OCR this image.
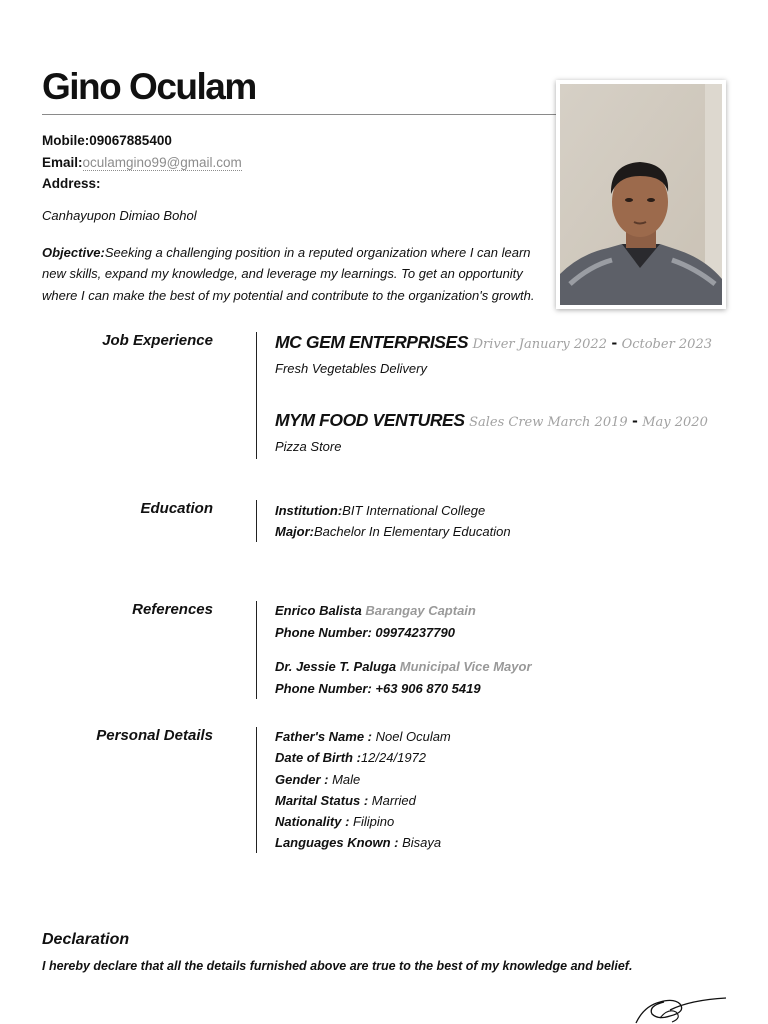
Gino Oculam
Mobile:09067885400
Email:oculamgino99@gmail.com
Address:
Canhayupon Dimiao Bohol
Objective:Seeking a challenging position in a reputed organization where I can learn new skills, expand my knowledge, and leverage my learnings. To get an opportunity where I can make the best of my potential and contribute to the organization's growth.
Job Experience	MC GEM ENTERPRISES Driver January 2022 - October 2023
Fresh Vegetables Delivery
MYM FOOD VENTURES Sales Crew March 2019 - May 2020
Pizza Store
Education	Institution:BIT International College
Major:Bachelor In Elementary Education
References	Enrico Balista Barangay Captain
Phone Number: 09974237790
Dr. Jessie T. Paluga Municipal Vice Mayor
Phone Number: +63 906 870 5419
Personal Details	Father's Name : Noel Oculam
Date of Birth :12/24/1972
Gender : Male
Marital Status : Married
Nationality : Filipino
Languages Known : Bisaya
Declaration
I hereby declare that all the details furnished above are true to the best of my knowledge and belief.
